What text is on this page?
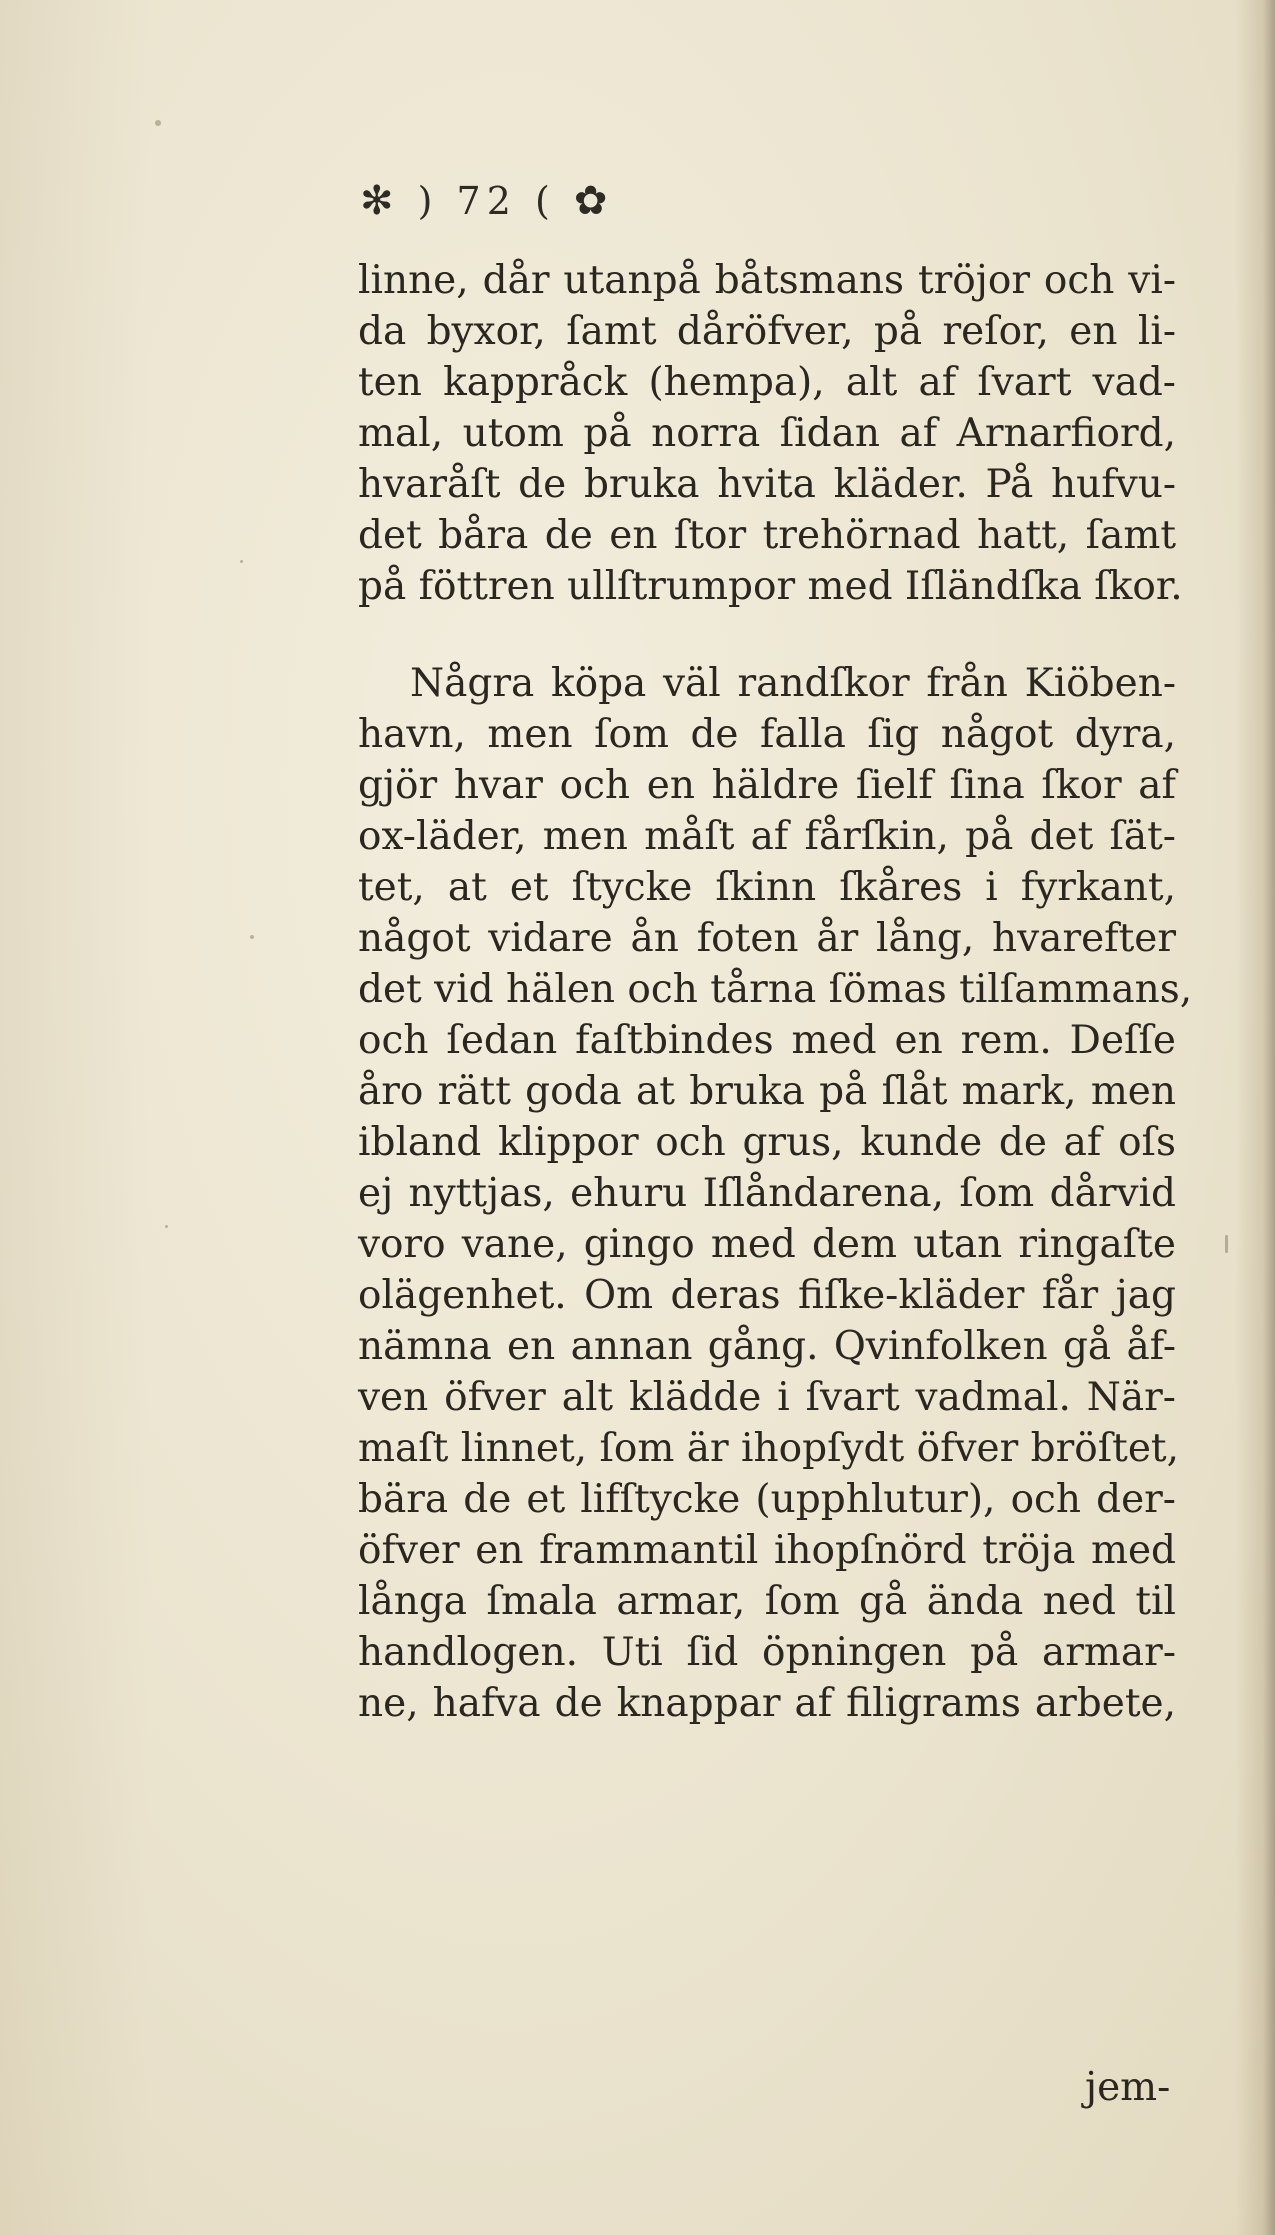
✻ ) 72 ( ✿
linne, dår utanpå båtsmans tröjor och vi-
da byxor, ſamt dåröfver, på reſor, en li-
ten kappråck (hempa), alt af ſvart vad-
mal, utom på norra ſidan af Arnarfiord,
hvaråſt de bruka hvita kläder. På hufvu-
det båra de en ſtor trehörnad hatt, ſamt
på föttren ullſtrumpor med Iſländſka ſkor.
Några köpa väl randſkor från Kiöben-
havn, men ſom de falla ſig något dyra,
gjör hvar och en häldre ſielf ſina ſkor af
ox-läder, men måſt af fårſkin, på det ſät-
tet, at et ſtycke ſkinn ſkåres i fyrkant,
något vidare ån foten år lång, hvarefter
det vid hälen och tårna ſömas tilſammans,
och ſedan faſtbindes med en rem. Deſſe
åro rätt goda at bruka på ſlåt mark, men
ibland klippor och grus, kunde de af oſs
ej nyttjas, ehuru Iſlåndarena, ſom dårvid
voro vane, gingo med dem utan ringaſte
olägenhet. Om deras fiſke-kläder får jag
nämna en annan gång. Qvinfolken gå åf-
ven öfver alt klädde i ſvart vadmal. När-
maſt linnet, ſom är ihopſydt öfver bröſtet,
bära de et lifſtycke (upphlutur), och der-
öfver en frammantil ihopſnörd tröja med
långa ſmala armar, ſom gå ända ned til
handlogen. Uti ſid öpningen på armar-
ne, hafva de knappar af filigrams arbete,
jem-
